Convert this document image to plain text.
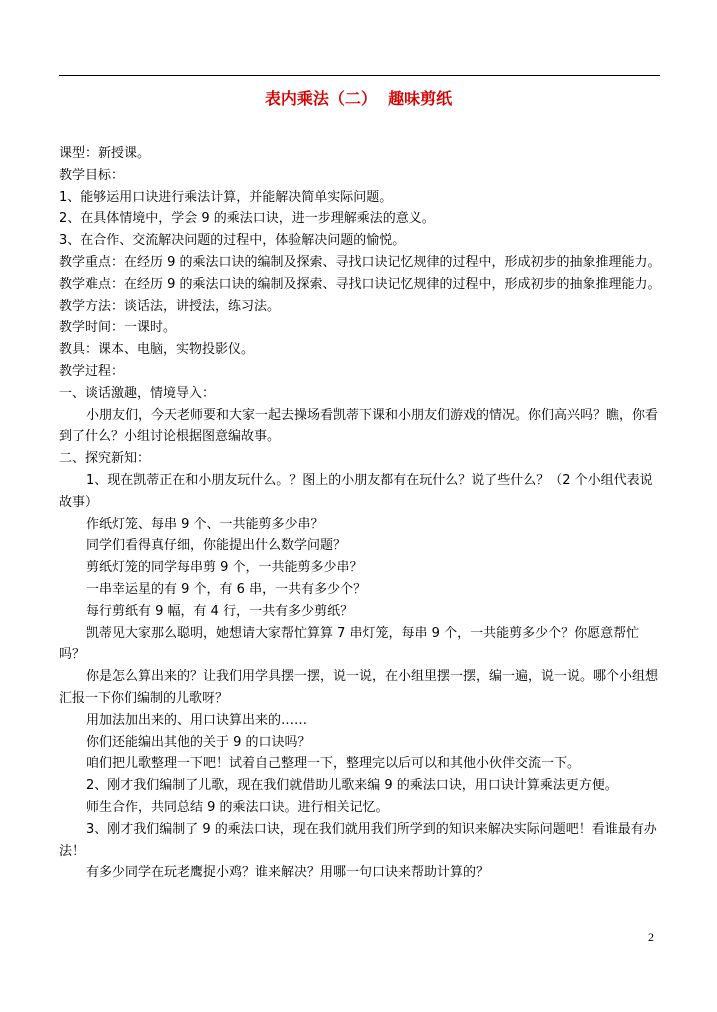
表内乘法（二）  趣味剪纸

课型：新授课。

教学目标：

1、能够运用口诀进行乘法计算，并能解决简单实际问题。

2、在具体情境中，学会 9 的乘法口诀，进一步理解乘法的意义。

3、在合作、交流解决问题的过程中，体验解决问题的愉悦。

教学重点：在经历 9 的乘法口诀的编制及探索、寻找口诀记忆规律的过程中，形成初步的抽象推理能力。

教学难点：在经历 9 的乘法口诀的编制及探索、寻找口诀记忆规律的过程中，形成初步的抽象推理能力。

教学方法：谈话法，讲授法，练习法。

教学时间：一课时。

教具：课本、电脑，实物投影仪。

教学过程：

一、谈话激趣，情境导入：

小朋友们，今天老师要和大家一起去操场看凯蒂下课和小朋友们游戏的情况。你们高兴吗？瞧，你看到了什么？小组讨论根据图意编故事。

二、探究新知：

1、现在凯蒂正在和小朋友玩什么。？图上的小朋友都有在玩什么？说了些什么？（2 个小组代表说故事）

作纸灯笼、每串 9 个、一共能剪多少串？

同学们看得真仔细，你能提出什么数学问题？

剪纸灯笼的同学每串剪 9 个，一共能剪多少串？

一串幸运星的有 9 个，有 6 串，一共有多少个？

每行剪纸有 9 幅，有 4 行，一共有多少剪纸？

凯蒂见大家那么聪明，她想请大家帮忙算算 7 串灯笼，每串 9 个，一共能剪多少个？你愿意帮忙吗？

你是怎么算出来的？让我们用学具摆一摆，说一说，在小组里摆一摆，编一遍，说一说。哪个小组想汇报一下你们编制的儿歌呀？

用加法加出来的、用口诀算出来的……

你们还能编出其他的关于 9 的口诀吗？

咱们把儿歌整理一下吧！试着自己整理一下，整理完以后可以和其他小伙伴交流一下。

2、刚才我们编制了儿歌，现在我们就借助儿歌来编 9 的乘法口诀，用口诀计算乘法更方便。

师生合作，共同总结 9 的乘法口诀。进行相关记忆。

3、刚才我们编制了 9 的乘法口诀，现在我们就用我们所学到的知识来解决实际问题吧！看谁最有办法！

有多少同学在玩老鹰捉小鸡？谁来解决？用哪一句口诀来帮助计算的？

2
